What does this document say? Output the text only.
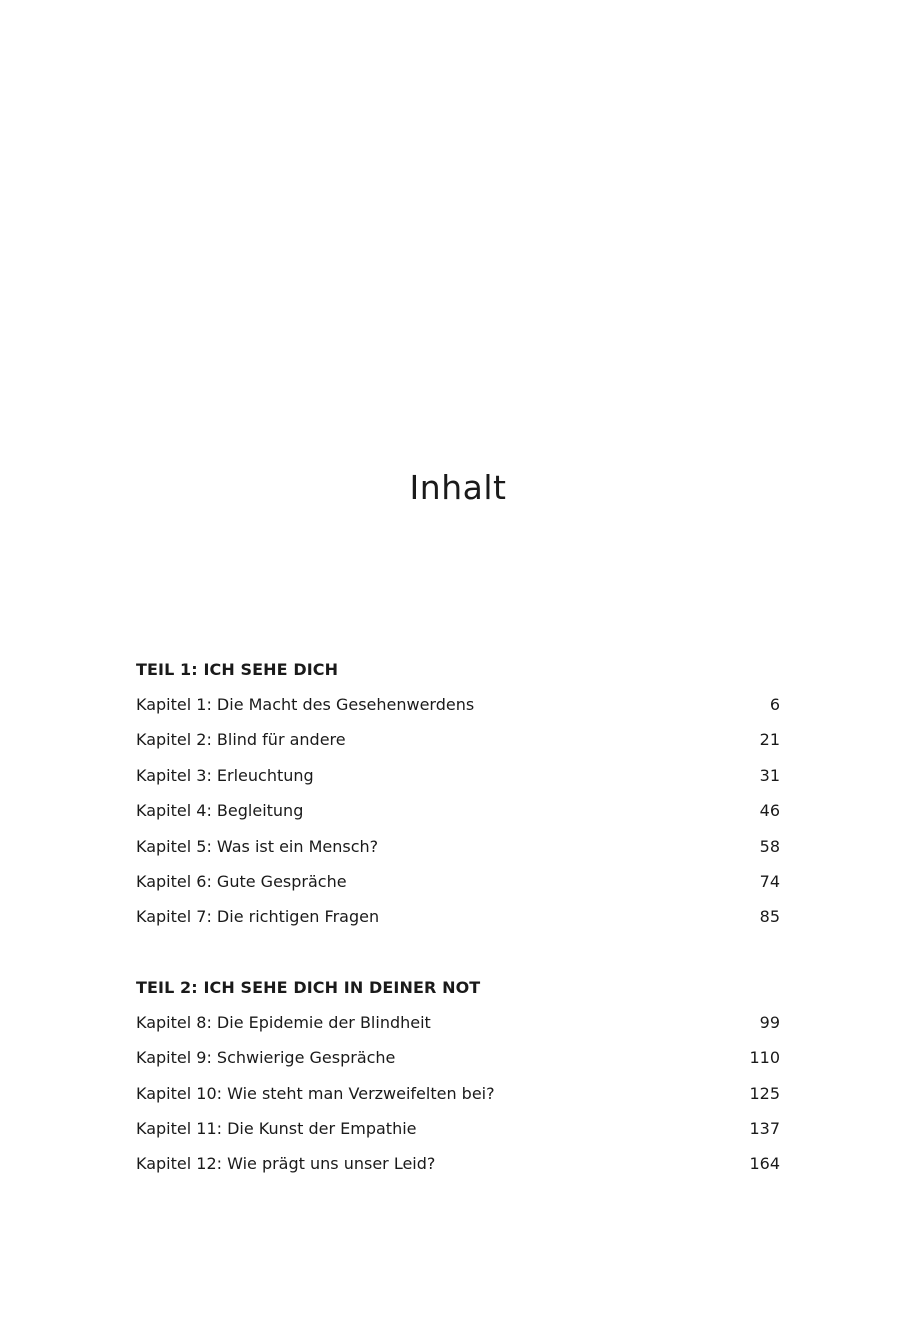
Inhalt
TEIL 1: ICH SEHE DICH
Kapitel 1: Die Macht des Gesehenwerdens	6
Kapitel 2: Blind für andere	21
Kapitel 3: Erleuchtung	31
Kapitel 4: Begleitung	46
Kapitel 5: Was ist ein Mensch?	58
Kapitel 6: Gute Gespräche	74
Kapitel 7: Die richtigen Fragen	85
TEIL 2: ICH SEHE DICH IN DEINER NOT
Kapitel 8: Die Epidemie der Blindheit	99
Kapitel 9: Schwierige Gespräche	110
Kapitel 10: Wie steht man Verzweifelten bei?	125
Kapitel 11: Die Kunst der Empathie	137
Kapitel 12: Wie prägt uns unser Leid?	164
